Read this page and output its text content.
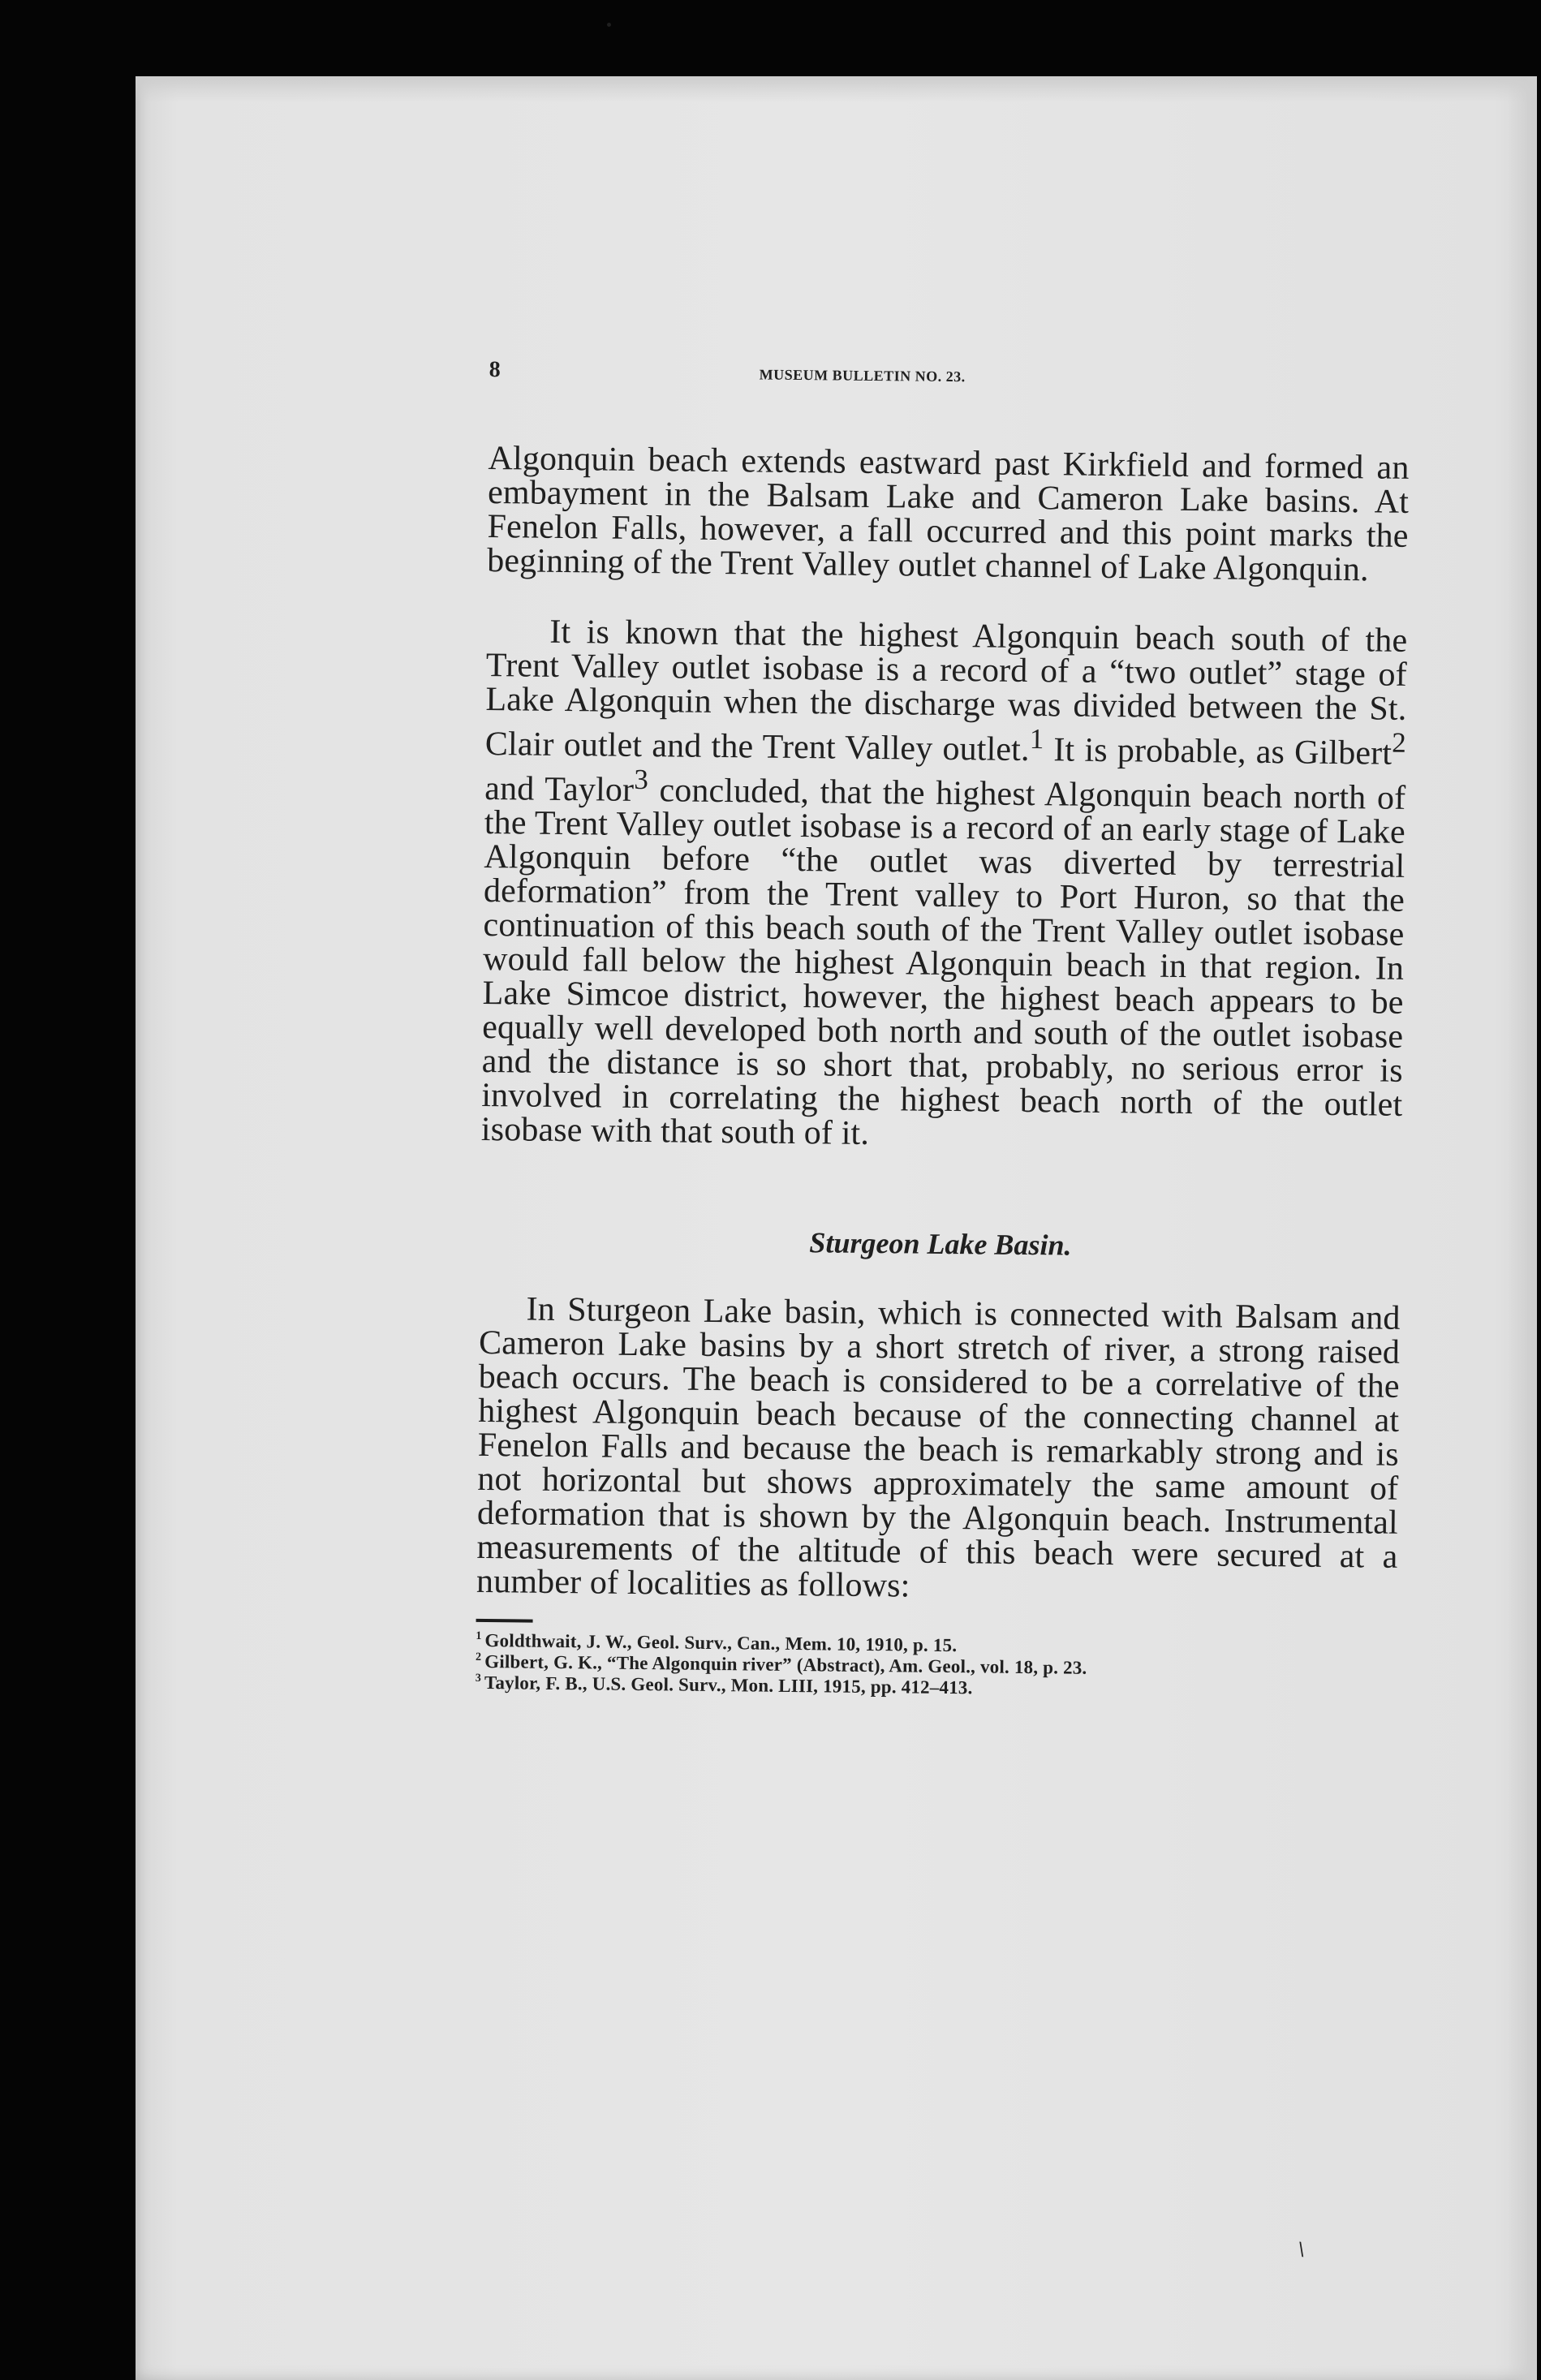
8	MUSEUM BULLETIN NO. 23.

Algonquin beach extends eastward past Kirkfield and formed an embayment in the Balsam Lake and Cameron Lake basins. At Fenelon Falls, however, a fall occurred and this point marks the beginning of the Trent Valley outlet channel of Lake Algonquin.

It is known that the highest Algonquin beach south of the Trent Valley outlet isobase is a record of a “two outlet” stage of Lake Algonquin when the discharge was divided between the St. Clair outlet and the Trent Valley outlet.$^1$ It is probable, as Gilbert$^2$ and Taylor$^3$ concluded, that the highest Algonquin beach north of the Trent Valley outlet isobase is a record of an early stage of Lake Algonquin before “the outlet was diverted by terrestrial deformation” from the Trent valley to Port Huron, so that the continuation of this beach south of the Trent Valley outlet isobase would fall below the highest Algonquin beach in that region. In Lake Simcoe district, however, the highest beach appears to be equally well developed both north and south of the outlet isobase and the distance is so short that, probably, no serious error is involved in correlating the highest beach north of the outlet isobase with that south of it.

Sturgeon Lake Basin.

In Sturgeon Lake basin, which is connected with Balsam and Cameron Lake basins by a short stretch of river, a strong raised beach occurs. The beach is considered to be a correlative of the highest Algonquin beach because of the connecting channel at Fenelon Falls and because the beach is remarkably strong and is not horizontal but shows approximately the same amount of deformation that is shown by the Algonquin beach. Instrumental measurements of the altitude of this beach were secured at a number of localities as follows:

$^1$ Goldthwait, J. W., Geol. Surv., Can., Mem. 10, 1910, p. 15.

$^2$ Gilbert, G. K., “The Algonquin river” (Abstract), Am. Geol., vol. 18, p. 23.

$^3$ Taylor, F. B., U.S. Geol. Surv., Mon. LIII, 1915, pp. 412–413.

\
